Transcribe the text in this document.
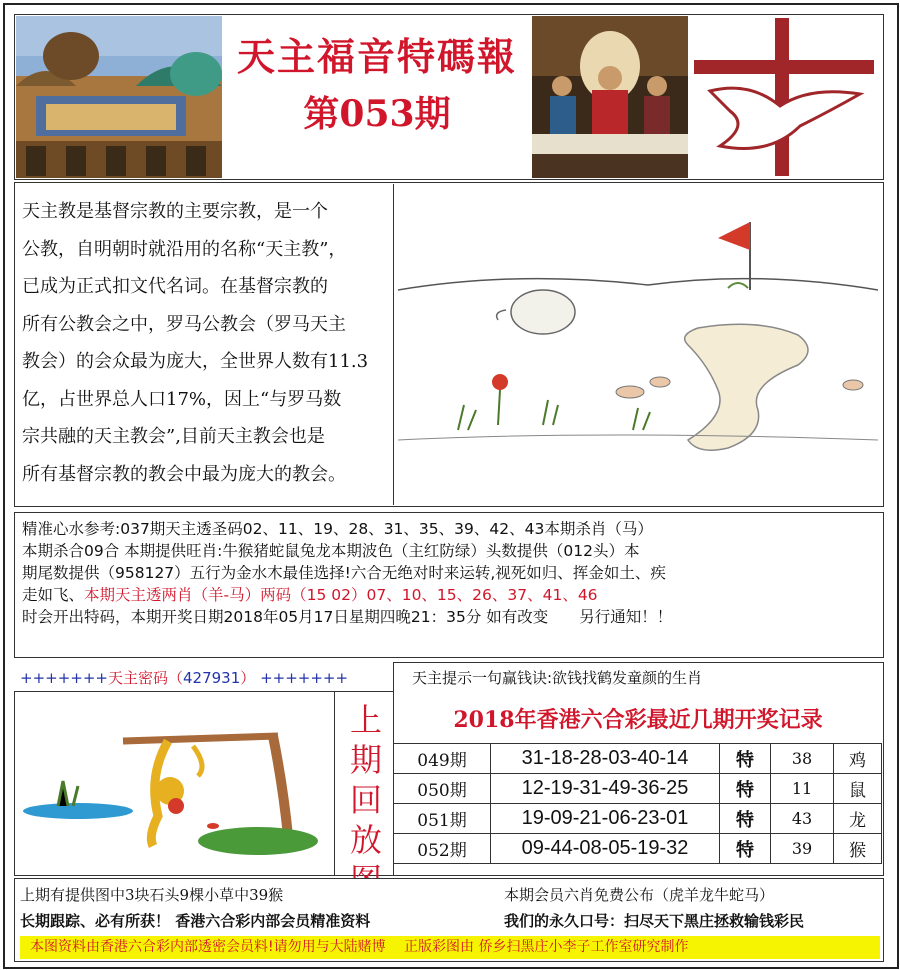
天主福音特碼報
第053期
天主教是基督宗教的主要宗教，是一个
公教，自明朝时就沿用的名称“天主教”，
已成为正式扣文代名词。在基督宗教的
所有公教会之中，罗马公教会（罗马天主
教会）的会众最为庞大，全世界人数有11.3
亿，占世界总人口17%，因上“与罗马数
宗共融的天主教会”,目前天主教会也是
所有基督宗教的教会中最为庞大的教会。
精准心水参考:037期天主透圣码02、11、19、28、31、35、39、42、43本期杀肖（马）
本期杀合09合 本期提供旺肖:牛猴猪蛇鼠兔龙本期波色（主红防绿）头数提供（012头）本
期尾数提供（958127）五行为金水木最佳选择!六合无绝对时来运转,视死如归、挥金如土、疾
走如飞、本期天主透两肖（羊-马）两码（15 02）07、10、15、26、37、41、46
时会开出特码，本期开奖日期2018年05月17日星期四晚21：35分 如有改变　　另行通知！！
+++++++天主密码（427931） +++++++	天主提示一句赢钱诀:欲钱找鹤发童颜的生肖
上
期
回
放
2018年香港六合彩最近几期开奖记录
049期	31-18-28-03-40-14	特	38	鸡
050期	12-19-31-49-36-25	特	11	鼠
051期	19-09-21-06-23-01	特	43	龙
052期	09-44-08-05-19-32	特	39	猴
上期有提供图中3块石头9棵小草中39猴	本期会员六肖免费公布（虎羊龙牛蛇马）
长期跟踪、必有所获！ 香港六合彩内部会员精准资料	我们的永久口号：扫尽天下黑庄拯救输钱彩民
本图资料由香港六合彩内部透密会员料!请勿用与大陆赌博　 正版彩图由 侨乡扫黑庄小李子工作室研究制作
